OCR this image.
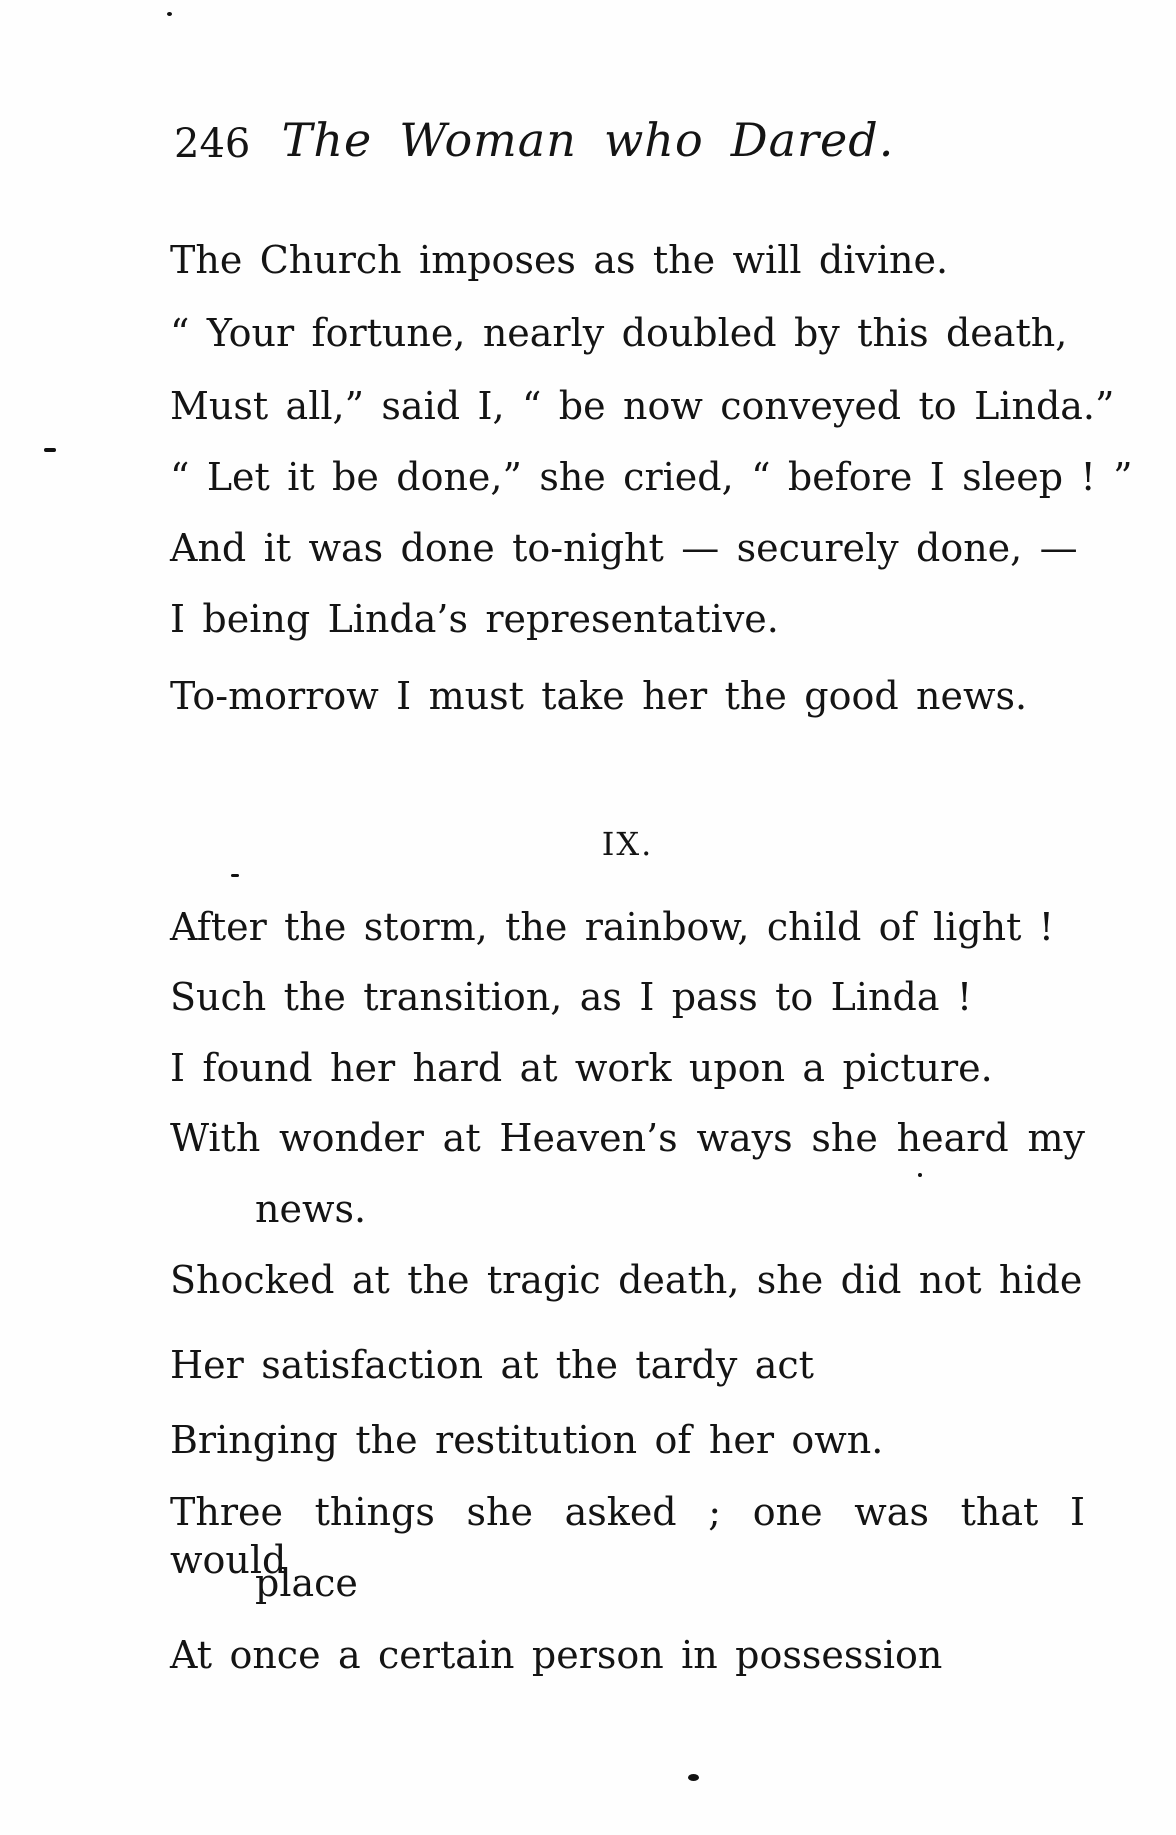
246 The Woman who Dared.
The Church imposes as the will divine.
“ Your fortune, nearly doubled by this death,
Must all,” said I, “ be now conveyed to Linda.”
“ Let it be done,” she cried, “ before I sleep ! ”
And it was done to-night — securely done, —
I being Linda’s representative.
To-morrow I must take her the good news.
IX.
After the storm, the rainbow, child of light !
Such the transition, as I pass to Linda !
I found her hard at work upon a picture.
With wonder at Heaven’s ways she heard my
news.
Shocked at the tragic death, she did not hide
Her satisfaction at the tardy act
Bringing the restitution of her own.
Three things she asked ; one was that I would
place
At once a certain person in possession
